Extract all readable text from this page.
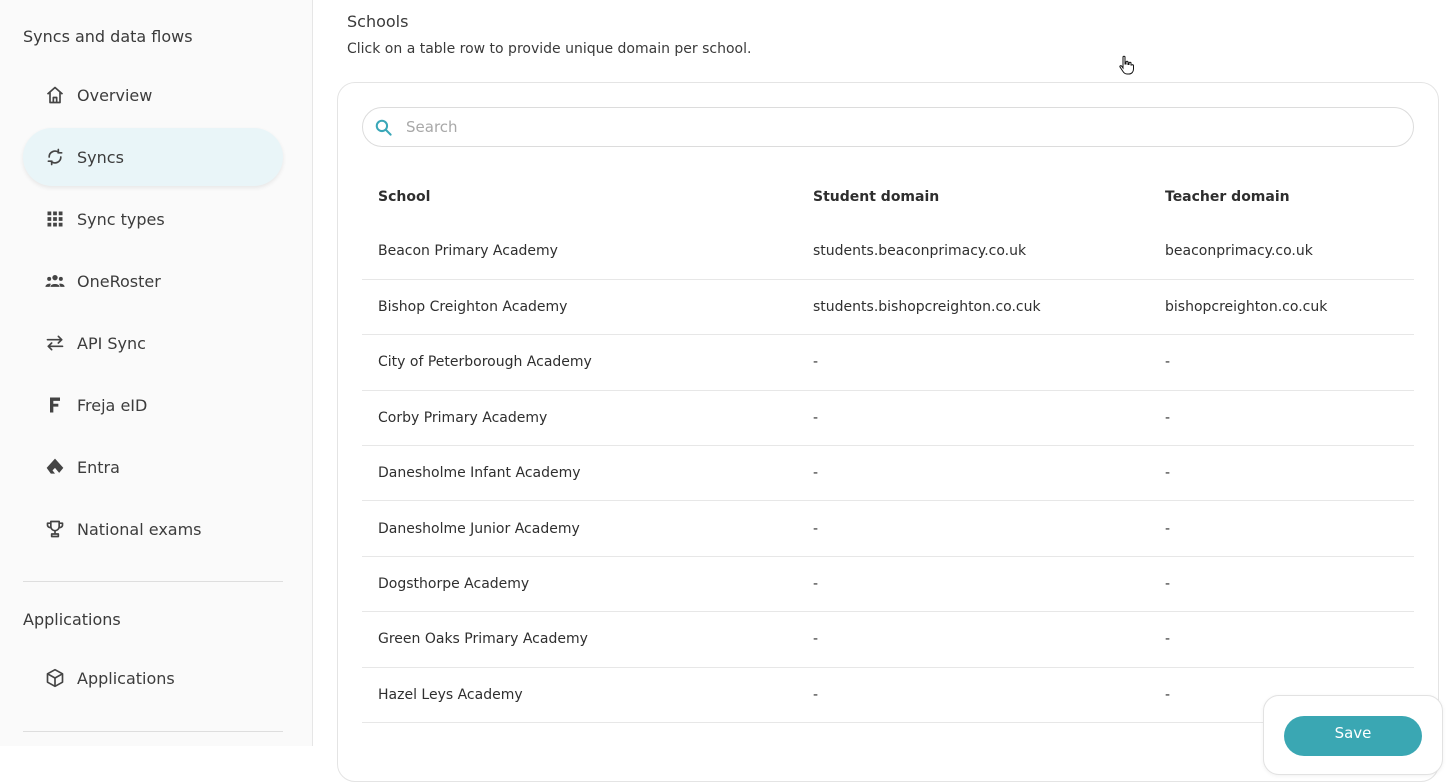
Syncs and data flows
Overview
Syncs
Sync types
OneRoster
API Sync
Freja eID
Entra
National exams
Applications
Applications
Schools
Click on a table row to provide unique domain per school.
Search
School	Student domain	Teacher domain
Beacon Primary Academy	students.beaconprimacy.co.uk	beaconprimacy.co.uk
Bishop Creighton Academy	students.bishopcreighton.co.cuk	bishopcreighton.co.cuk
City of Peterborough Academy	-	-
Corby Primary Academy	-	-
Danesholme Infant Academy	-	-
Danesholme Junior Academy	-	-
Dogsthorpe Academy	-	-
Green Oaks Primary Academy	-	-
Hazel Leys Academy	-	-
Save
